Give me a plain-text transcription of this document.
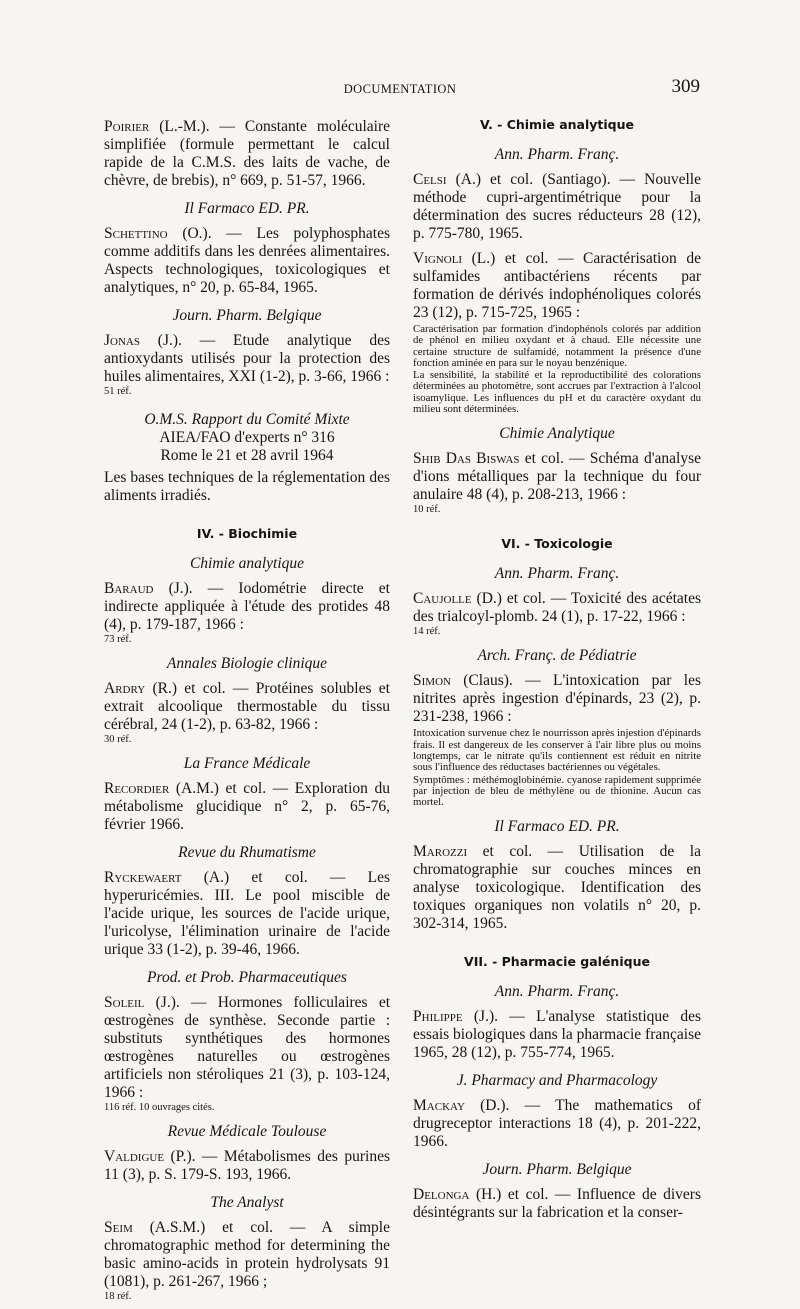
DOCUMENTATION	309
Poirier (L.-M.). — Constante moléculaire simplifiée (formule permettant le calcul rapide de la C.M.S. des laits de vache, de chèvre, de brebis), n° 669, p. 51-57, 1966.
Il Farmaco ED. PR.
Schettino (O.). — Les polyphosphates comme additifs dans les denrées alimentaires. Aspects technologiques, toxicologiques et analytiques, n° 20, p. 65-84, 1965.
Journ. Pharm. Belgique
Jonas (J.). — Etude analytique des antioxydants utilisés pour la protection des huiles alimentaires, XXI (1-2), p. 3-66, 1966 :
51 réf.
O.M.S. Rapport du Comité Mixte
AIEA/FAO d'experts n° 316
Rome le 21 et 28 avril 1964
Les bases techniques de la réglementation des aliments irradiés.
IV. - Biochimie
Chimie analytique
Baraud (J.). — Iodométrie directe et indirecte appliquée à l'étude des protides 48 (4), p. 179-187, 1966 :
73 réf.
Annales Biologie clinique
Ardry (R.) et col. — Protéines solubles et extrait alcoolique thermostable du tissu cérébral, 24 (1-2), p. 63-82, 1966 :
30 réf.
La France Médicale
Recordier (A.M.) et col. — Exploration du métabolisme glucidique n° 2, p. 65-76, février 1966.
Revue du Rhumatisme
Ryckewaert (A.) et col. — Les hyperuricémies. III. Le pool miscible de l'acide urique, les sources de l'acide urique, l'uricolyse, l'élimination urinaire de l'acide urique 33 (1-2), p. 39-46, 1966.
Prod. et Prob. Pharmaceutiques
Soleil (J.). — Hormones folliculaires et œstrogènes de synthèse. Seconde partie : substituts synthétiques des hormones œstrogènes naturelles ou œstrogènes artificiels non stéroliques 21 (3), p. 103-124, 1966 :
116 réf. 10 ouvrages cités.
Revue Médicale Toulouse
Valdigue (P.). — Métabolismes des purines 11 (3), p. S. 179-S. 193, 1966.
The Analyst
Seim (A.S.M.) et col. — A simple chromatographic method for determining the basic amino-acids in protein hydrolysats 91 (1081), p. 261-267, 1966 ;
18 réf.
V. - Chimie analytique
Ann. Pharm. Franç.
Celsi (A.) et col. (Santiago). — Nouvelle méthode cupri-argentimétrique pour la détermination des sucres réducteurs 28 (12), p. 775-780, 1965.
Vignoli (L.) et col. — Caractérisation de sulfamides antibactériens récents par formation de dérivés indophénoliques colorés 23 (12), p. 715-725, 1965 :
Caractérisation par formation d'indophénols colorés par addition de phénol en milieu oxydant et à chaud. Elle nécessite une certaine structure de sulfamidé, notamment la présence d'une fonction aminée en para sur le noyau benzénique.
La sensibilité, la stabilité et la reproductibilité des colorations déterminées au photomètre, sont accrues par l'extraction à l'alcool isoamylique. Les influences du pH et du caractère oxydant du milieu sont déterminées.
Chimie Analytique
Shib Das Biswas et col. — Schéma d'analyse d'ions métalliques par la technique du four anulaire 48 (4), p. 208-213, 1966 :
10 réf.
VI. - Toxicologie
Ann. Pharm. Franç.
Caujolle (D.) et col. — Toxicité des acétates des trialcoyl-plomb. 24 (1), p. 17-22, 1966 :
14 réf.
Arch. Franç. de Pédiatrie
Simon (Claus). — L'intoxication par les nitrites après ingestion d'épinards, 23 (2), p. 231-238, 1966 :
Intoxication survenue chez le nourrisson après injestion d'épinards frais. Il est dangereux de les conserver à l'air libre plus ou moins longtemps, car le nitrate qu'ils contiennent est réduit en nitrite sous l'influence des réductases bactériennes ou végétales.
Symptômes : méthémoglobinémie. cyanose rapidement supprimée par injection de bleu de méthylène ou de thionine. Aucun cas mortel.
Il Farmaco ED. PR.
Marozzi et col. — Utilisation de la chromatographie sur couches minces en analyse toxicologique. Identification des toxiques organiques non volatils n° 20, p. 302-314, 1965.
VII. - Pharmacie galénique
Ann. Pharm. Franç.
Philippe (J.). — L'analyse statistique des essais biologiques dans la pharmacie française 1965, 28 (12), p. 755-774, 1965.
J. Pharmacy and Pharmacology
Mackay (D.). — The mathematics of drugreceptor interactions 18 (4), p. 201-222, 1966.
Journ. Pharm. Belgique
Delonga (H.) et col. — Influence de divers désintégrants sur la fabrication et la conser-
